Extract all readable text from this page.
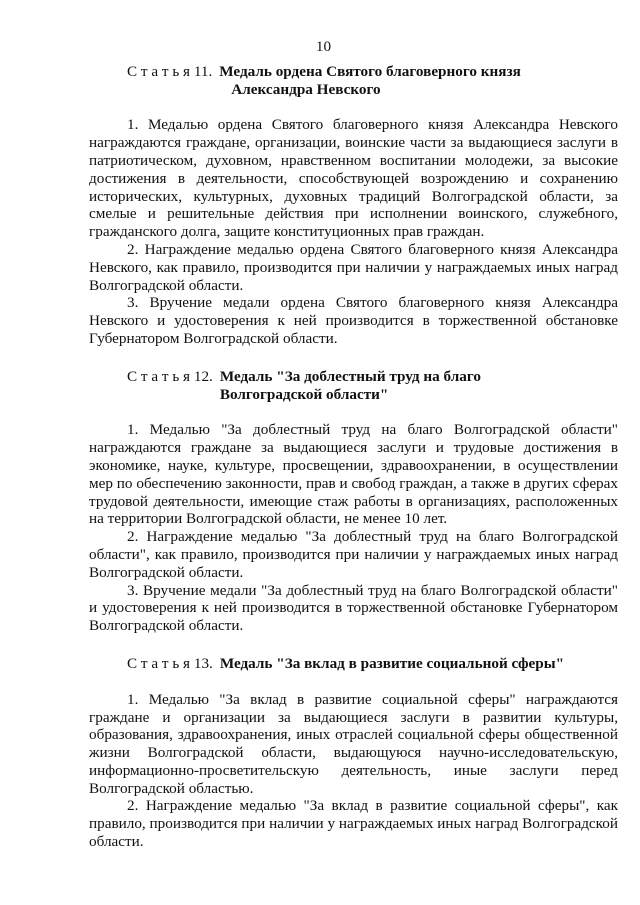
10
С т а т ь я 11. Медаль ордена Святого благоверного князя
Александра Невского

1. Медалью ордена Святого благоверного князя Александра Невского награждаются граждане, организации, воинские части за выдающиеся заслуги в патриотическом, духовном, нравственном воспитании молодежи, за высокие достижения в деятельности, способствующей возрождению и сохранению исторических, культурных, духовных традиций Волгоградской области, за смелые и решительные действия при исполнении воинского, служебного, гражданского долга, защите конституционных прав граждан.

2. Награждение медалью ордена Святого благоверного князя Александра Невского, как правило, производится при наличии у награждаемых иных наград Волгоградской области.

3. Вручение медали ордена Святого благоверного князя Александра Невского и удостоверения к ней производится в торжественной обстановке Губернатором Волгоградской области.

С т а т ь я 12. Медаль "За доблестный труд на благо
Волгоградской области"

1. Медалью "За доблестный труд на благо Волгоградской области" награждаются граждане за выдающиеся заслуги и трудовые достижения в экономике, науке, культуре, просвещении, здравоохранении, в осуществлении мер по обеспечению законности, прав и свобод граждан, а также в других сферах трудовой деятельности, имеющие стаж работы в организациях, расположенных на территории Волгоградской области, не менее 10 лет.

2. Награждение медалью "За доблестный труд на благо Волгоградской области", как правило, производится при наличии у награждаемых иных наград Волгоградской области.

3. Вручение медали "За доблестный труд на благо Волгоградской области" и удостоверения к ней производится в торжественной обстановке Губернатором Волгоградской области.

С т а т ь я 13. Медаль "За вклад в развитие социальной сферы"

1. Медалью "За вклад в развитие социальной сферы" награждаются граждане и организации за выдающиеся заслуги в развитии культуры, образования, здравоохранения, иных отраслей социальной сферы общественной жизни Волгоградской области, выдающуюся научно-исследовательскую, информационно-просветительскую деятельность, иные заслуги перед Волгоградской областью.

2. Награждение медалью "За вклад в развитие социальной сферы", как правило, производится при наличии у награждаемых иных наград Волгоградской области.
